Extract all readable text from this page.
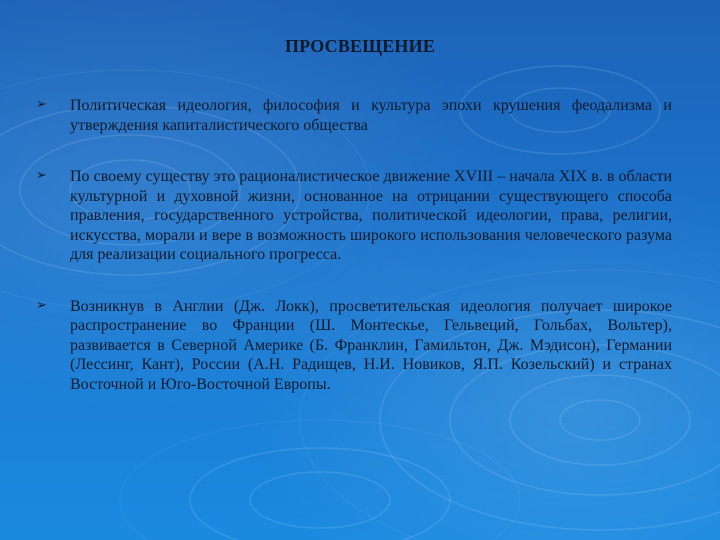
ПРОСВЕЩЕНИЕ
➢ Политическая идеология, философия и культура эпохи крушения феодализма и утверждения капиталистического общества
➢ По своему существу это рационалистическое движение XVIII – начала XIX в. в области культурной и духовной жизни, основанное на отрицании существующего способа правления, государственного устройства, политической идеологии, права, религии, искусства, морали и вере в возможность широкого использования человеческого разума для реализации социального прогресса.
➢ Возникнув в Англии (Дж. Локк), просветительская идеология получает широкое распространение во Франции (Ш. Монтескье, Гельвеций, Гольбах, Вольтер), развивается в Северной Америке (Б. Франклин, Гамильтон, Дж. Мэдисон), Германии (Лессинг, Кант), России (А.Н. Радищев, Н.И. Новиков, Я.П. Козельский) и странах Восточной и Юго-Восточной Европы.
